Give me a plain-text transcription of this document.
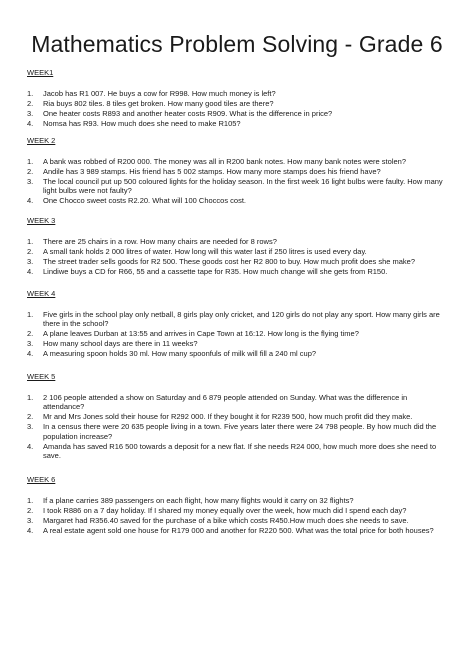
Mathematics Problem Solving - Grade 6

WEEK1

1. Jacob has R1 007. He buys a cow for R998. How much money is left?
2. Ria buys 802 tiles. 8 tiles get broken. How many good tiles are there?
3. One heater costs R893 and another heater costs R909. What is the difference in price?
4. Nomsa has R93. How much does she need to make R105?

WEEK 2

1. A bank was robbed of R200 000. The money was all in R200 bank notes. How many bank notes were stolen?
2. Andile has 3 989 stamps. His friend has 5 002 stamps. How many more stamps does his friend have?
3. The local council put up 500 coloured lights for the holiday season. In the first week 16 light bulbs were faulty. How many light bulbs were not faulty?
4. One Chocco sweet costs R2.20. What will 100 Choccos cost.

WEEK 3

1. There are 25 chairs in a row. How many chairs are needed for 8 rows?
2. A small tank holds 2 000 litres of water. How long will this water last if 250 litres is used every day.
3. The street trader sells goods for R2 500. These goods cost her R2 800 to buy. How much profit does she make?
4. Lindiwe buys a CD for R66, 55 and a cassette tape for R35. How much change will she gets from R150.

WEEK 4

1. Five girls in the school play only netball, 8 girls play only cricket, and 120 girls do not play any sport. How many girls are there in the school?
2. A plane leaves Durban at 13:55 and arrives in Cape Town at 16:12. How long is the flying time?
3. How many school days are there in 11 weeks?
4. A measuring spoon holds 30 ml. How many spoonfuls of milk will fill a 240 ml cup?

WEEK 5

1. 2 106 people attended a show on Saturday and 6 879 people attended on Sunday. What was the difference in attendance?
2. Mr and Mrs Jones sold their house for R292 000. If they bought it for R239 500, how much profit did they make.
3. In a census there were 20 635 people living in a town. Five years later there were 24 798 people. By how much did the population increase?
4. Amanda has saved R16 500 towards a deposit for a new flat. If she needs R24 000, how much more does she need to save.

WEEK 6

1. If a plane carries 389 passengers on each flight, how many flights would it carry on 32 flights?
2. I took R886 on a 7 day holiday. If I shared my money equally over the week, how much did I spend each day?
3. Margaret had R356.40 saved for the purchase of a bike which costs R450.How much does she needs to save.
4. A real estate agent sold one house for R179 000 and another for R220 500. What was the total price for both houses?
